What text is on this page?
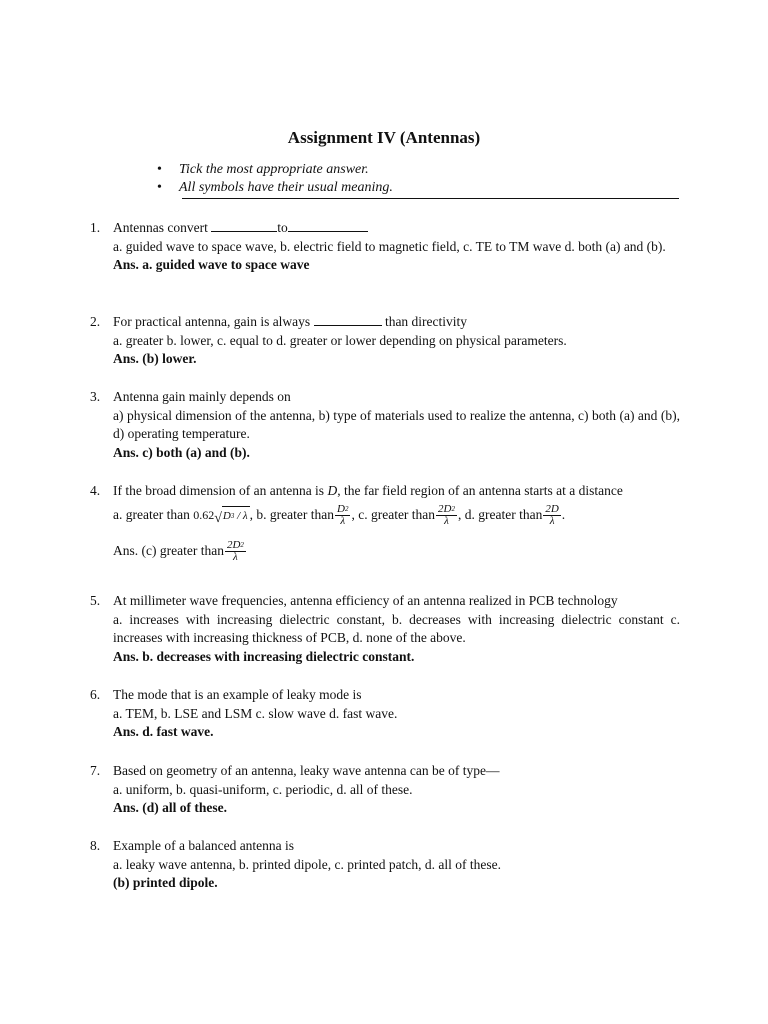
Assignment IV (Antennas)
•	Tick the most appropriate answer.
•	All symbols have their usual meaning.
1. Antennas convert	to

a. guided wave to space wave, b. electric field to magnetic field, c. TE to TM wave d. both (a) and (b).

Ans. a. guided wave to space wave

2. For practical antenna, gain is always	than directivity

a. greater b. lower, c. equal to d. greater or lower depending on physical parameters.

Ans. (b) lower.

3. Antenna gain mainly depends on

a) physical dimension of the antenna, b) type of materials used to realize the antenna, c) both (a) and (b), d) operating temperature.

Ans. c) both (a) and (b).

4. If the broad dimension of an antenna is D, the far field region of an antenna starts at a distance

a. greater than
0.62 √ $D^3$ / λ , b. greater than $\frac{D^2}{\lambda}$ , c. greater than $\frac{2D^2}{\lambda}$ , d. greater than $\frac{2D}{\lambda}$ .
Ans. (c) greater than $\frac{2D^2}{\lambda}$
5. At millimeter wave frequencies, antenna efficiency of an antenna realized in PCB technology

a. increases with increasing dielectric constant, b. decreases with increasing dielectric constant c. increases with increasing thickness of PCB, d. none of the above.

Ans. b. decreases with increasing dielectric constant.

6. The mode that is an example of leaky mode is

a. TEM, b. LSE and LSM c. slow wave d. fast wave.

Ans. d. fast wave.

7. Based on geometry of an antenna, leaky wave antenna can be of type—

a. uniform, b. quasi-uniform, c. periodic, d. all of these.

Ans. (d) all of these.

8. Example of a balanced antenna is

a. leaky wave antenna, b. printed dipole, c. printed patch, d. all of these.

(b) printed dipole.
